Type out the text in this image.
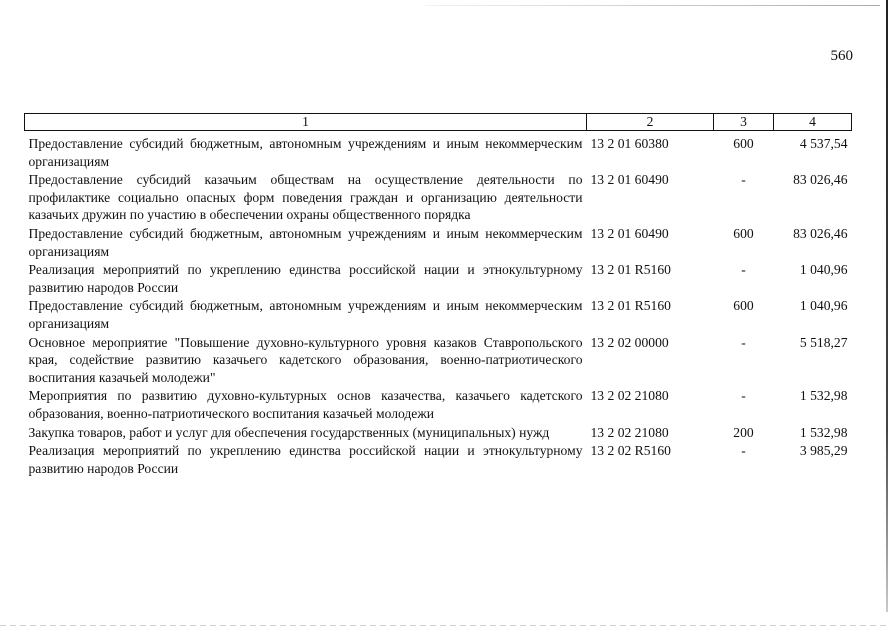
560
1	2	3	4

Предоставление субсидий бюджетным, автономным учреждениям и иным некоммерческим организациям	13 2 01 60380	600	4 537,54
Предоставление субсидий казачьим обществам на осуществление деятельности по профилактике социально опасных форм поведения граждан и организацию деятельности казачьих дружин по участию в обеспечении охраны общественного порядка	13 2 01 60490	-	83 026,46
Предоставление субсидий бюджетным, автономным учреждениям и иным некоммерческим организациям	13 2 01 60490	600	83 026,46
Реализация мероприятий по укреплению единства российской нации и этнокультурному развитию народов России	13 2 01 R5160	-	1 040,96
Предоставление субсидий бюджетным, автономным учреждениям и иным некоммерческим организациям	13 2 01 R5160	600	1 040,96
Основное мероприятие "Повышение духовно-культурного уровня казаков Ставропольского края, содействие развитию казачьего кадетского образования, военно-патриотического воспитания казачьей молодежи"	13 2 02 00000	-	5 518,27
Мероприятия по развитию духовно-культурных основ казачества, казачьего кадетского образования, военно-патриотического воспитания казачьей молодежи	13 2 02 21080	-	1 532,98
Закупка товаров, работ и услуг для обеспечения государственных (муниципальных) нужд	13 2 02 21080	200	1 532,98
Реализация мероприятий по укреплению единства российской нации и этнокультурному развитию народов России	13 2 02 R5160	-	3 985,29
